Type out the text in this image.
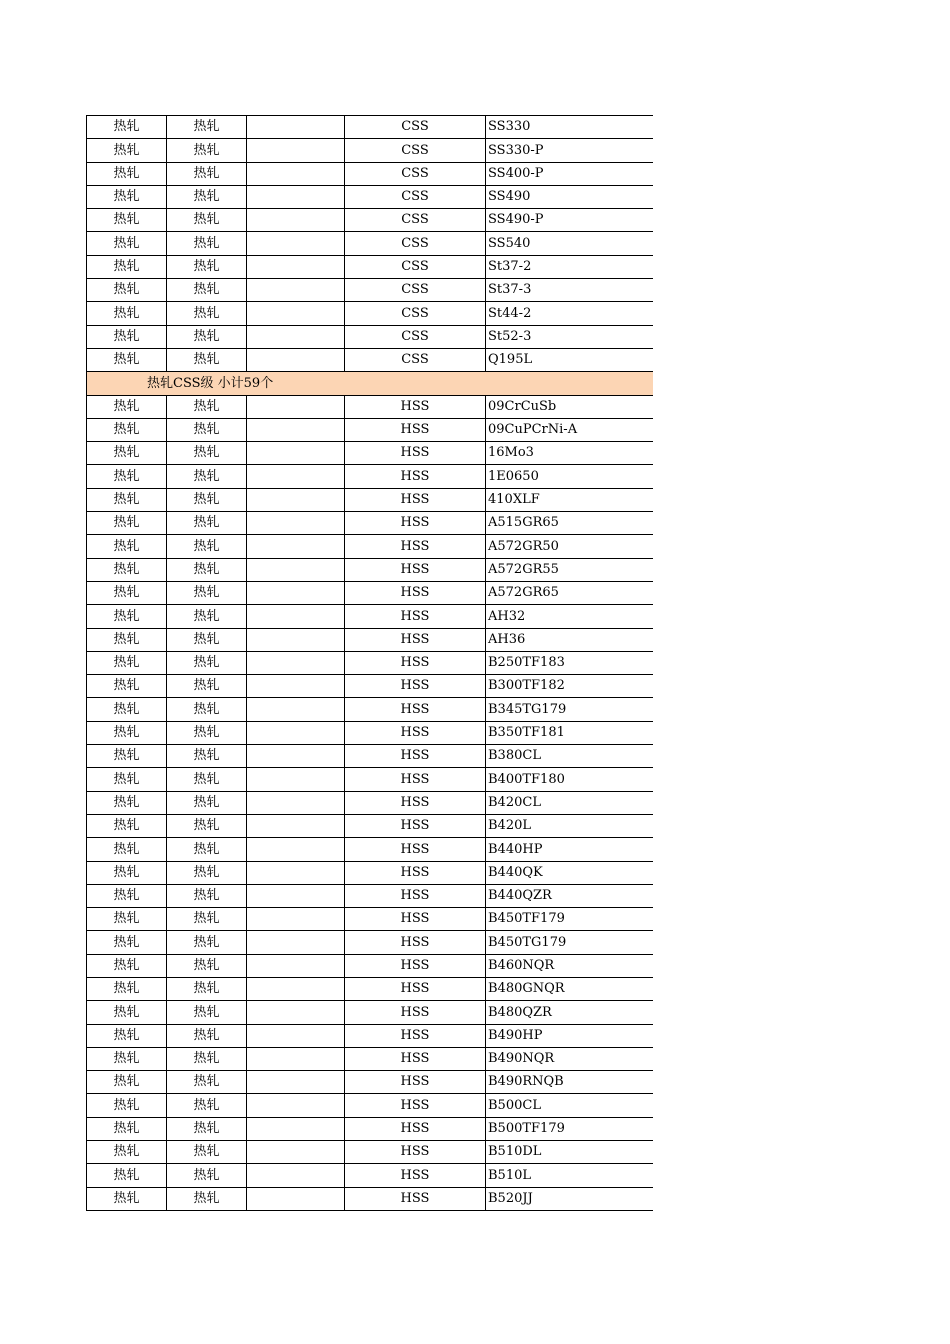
热轧	热轧		CSS	SS330
热轧	热轧		CSS	SS330-P
热轧	热轧		CSS	SS400-P
热轧	热轧		CSS	SS490
热轧	热轧		CSS	SS490-P
热轧	热轧		CSS	SS540
热轧	热轧		CSS	St37-2
热轧	热轧		CSS	St37-3
热轧	热轧		CSS	St44-2
热轧	热轧		CSS	St52-3
热轧	热轧		CSS	Q195L
热轧CSS级 小计59个				
热轧	热轧		HSS	09CrCuSb
热轧	热轧		HSS	09CuPCrNi-A
热轧	热轧		HSS	16Mo3
热轧	热轧		HSS	1E0650
热轧	热轧		HSS	410XLF
热轧	热轧		HSS	A515GR65
热轧	热轧		HSS	A572GR50
热轧	热轧		HSS	A572GR55
热轧	热轧		HSS	A572GR65
热轧	热轧		HSS	AH32
热轧	热轧		HSS	AH36
热轧	热轧		HSS	B250TF183
热轧	热轧		HSS	B300TF182
热轧	热轧		HSS	B345TG179
热轧	热轧		HSS	B350TF181
热轧	热轧		HSS	B380CL
热轧	热轧		HSS	B400TF180
热轧	热轧		HSS	B420CL
热轧	热轧		HSS	B420L
热轧	热轧		HSS	B440HP
热轧	热轧		HSS	B440QK
热轧	热轧		HSS	B440QZR
热轧	热轧		HSS	B450TF179
热轧	热轧		HSS	B450TG179
热轧	热轧		HSS	B460NQR
热轧	热轧		HSS	B480GNQR
热轧	热轧		HSS	B480QZR
热轧	热轧		HSS	B490HP
热轧	热轧		HSS	B490NQR
热轧	热轧		HSS	B490RNQB
热轧	热轧		HSS	B500CL
热轧	热轧		HSS	B500TF179
热轧	热轧		HSS	B510DL
热轧	热轧		HSS	B510L
热轧	热轧		HSS	B520JJ
